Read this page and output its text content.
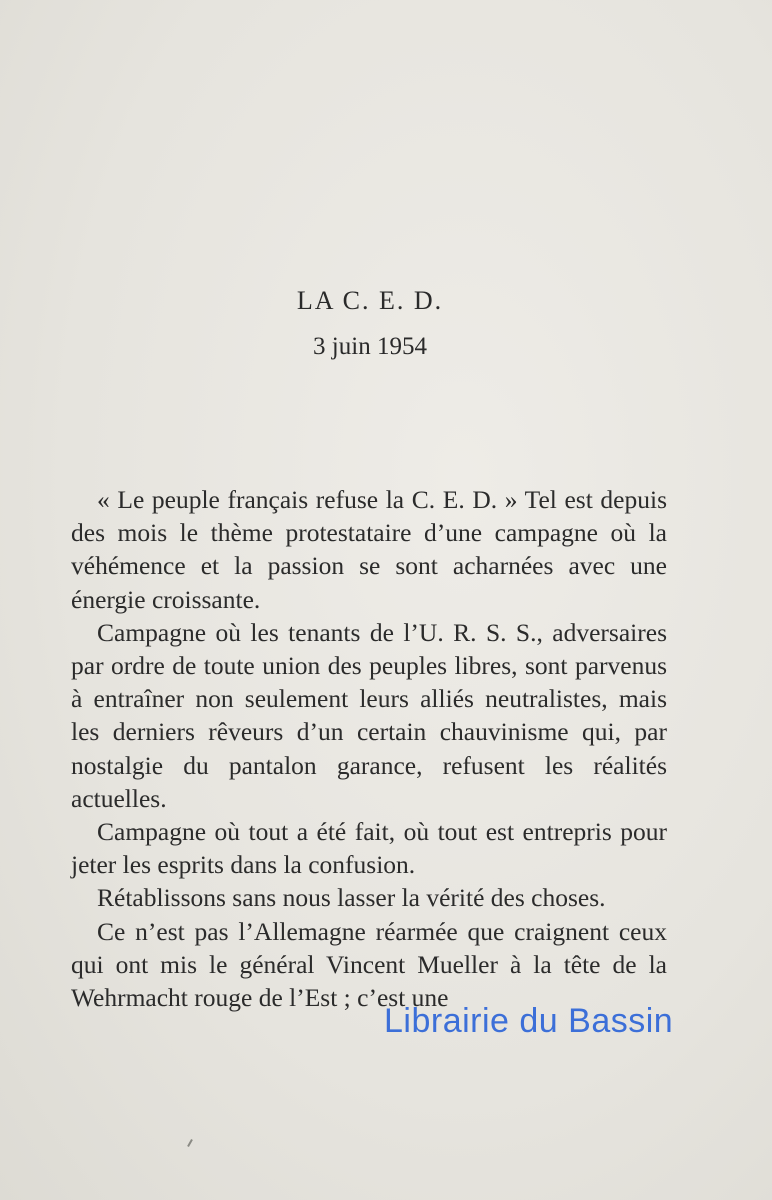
LA C. E. D.
3 juin 1954

« Le peuple français refuse la C. E. D. » Tel est depuis des mois le thème protestataire d’une campagne où la véhémence et la passion se sont acharnées avec une énergie croissante.

Campagne où les tenants de l’U. R. S. S., adversaires par ordre de toute union des peuples libres, sont parvenus à entraîner non seulement leurs alliés neutralistes, mais les derniers rêveurs d’un certain chauvinisme qui, par nostalgie du pantalon garance, refusent les réalités actuelles.

Campagne où tout a été fait, où tout est entrepris pour jeter les esprits dans la confusion.

Rétablissons sans nous lasser la vérité des choses.

Ce n’est pas l’Allemagne réarmée que craignent ceux qui ont mis le général Vincent Mueller à la tête de la Wehrmacht rouge de l’Est ; c’est une

Librairie du Bassin
